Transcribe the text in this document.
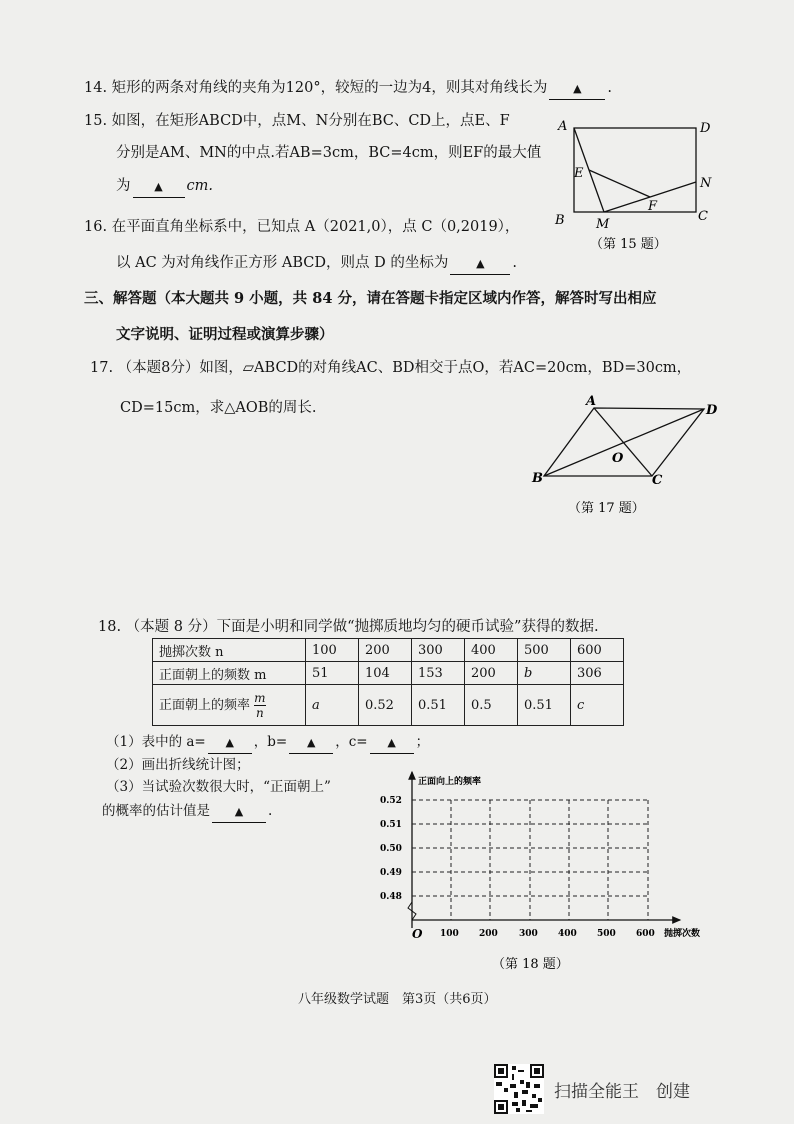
14. 矩形的两条对角线的夹角为120°，较短的一边为4，则其对角线长为 ▲ .
15. 如图，在矩形ABCD中，点M、N分别在BC、CD上，点E、F
分别是AM、MN的中点.若AB=3cm，BC=4cm，则EF的最大值
为 ▲ cm.
A	D
E
N
F
B M
C
（第 15 题）
16. 在平面直角坐标系中，已知点 A（2021,0），点 C（0,2019），
以 AC 为对角线作正方形 ABCD，则点 D 的坐标为	▲ .
三、解答题（本大题共 9 小题，共 84 分，请在答题卡指定区域内作答，解答时写出相应
文字说明、证明过程或演算步骤）
17. （本题8分）如图，▱ABCD的对角线AC、BD相交于点O，若AC=20cm，BD=30cm，
CD=15cm，求△AOB的周长.	A
D
O
B	C
（第 17 题）
18. （本题 8 分）下面是小明和同学做“抛掷质地均匀的硬币试验”获得的数据.
抛掷次数 n	100	200	300	400	500	600
正面朝上的频数 m	51	104	153	200	b	306
正面朝上的频率 $\frac{m}{n}$	a	0.52	0.51	0.5	0.51	c
（1）表中的 a= ▲ ，b= ▲ ，c= ▲ ；
（2）画出折线统计图；
（3）当试验次数很大时，“正面朝上”
的概率的估计值是 ▲ .
正面向上的频率
0.52
0.51
0.50
0.49
0.48
100 200 300 400 500 600 抛掷次数
O
（第 18 题）
八年级数学试题　第3页（共6页）
扫描全能王　创建
